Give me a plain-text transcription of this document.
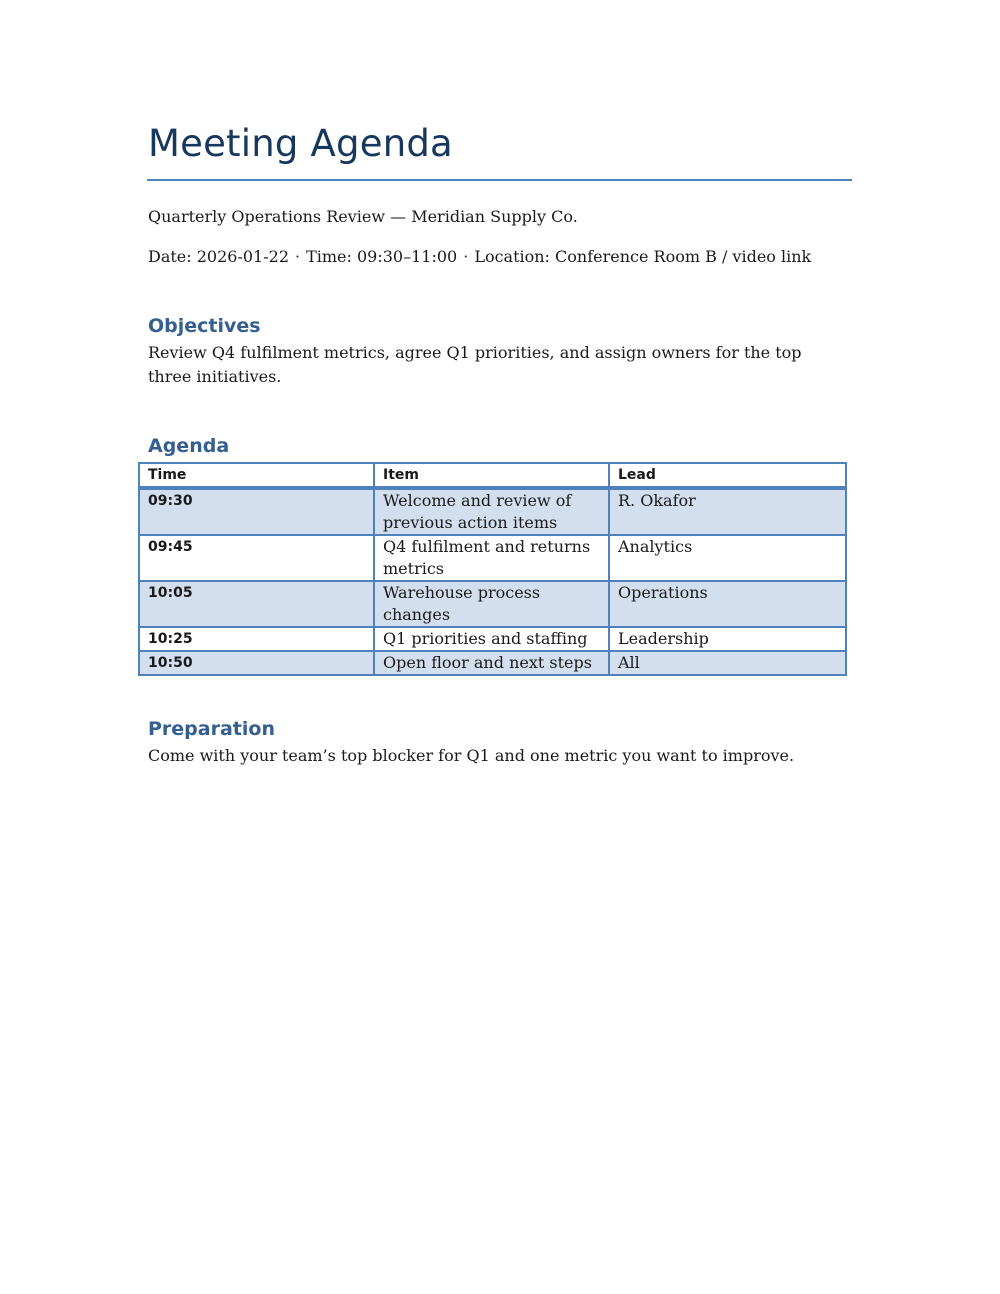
Meeting Agenda

Quarterly Operations Review — Meridian Supply Co.

Date: 2026-01-22 · Time: 09:30–11:00 · Location: Conference Room B / video link

Objectives

Review Q4 fulfilment metrics, agree Q1 priorities, and assign owners for the top three initiatives.

Agenda
Time	Item	Lead
09:30	Welcome and review of previous action items	R. Okafor
09:45	Q4 fulfilment and returns metrics	Analytics
10:05	Warehouse process changes	Operations
10:25	Q1 priorities and staffing	Leadership
10:50	Open floor and next steps	All
Preparation

Come with your team’s top blocker for Q1 and one metric you want to improve.
